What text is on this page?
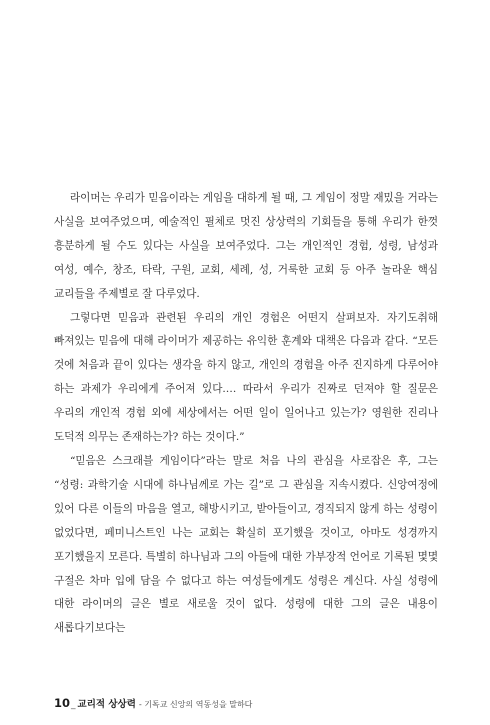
라이머는 우리가 믿음이라는 게임을 대하게 될 때, 그 게임이 정말 재밌을 거라는 사실을 보여주었으며, 예술적인 필체로 멋진 상상력의 기회들을 통해 우리가 한껏 흥분하게 될 수도 있다는 사실을 보여주었다. 그는 개인적인 경험, 성령, 남성과 여성, 예수, 창조, 타락, 구원, 교회, 세례, 성, 거룩한 교회 등 아주 놀라운 핵심 교리들을 주제별로 잘 다루었다.

그렇다면 믿음과 관련된 우리의 개인 경험은 어떤지 살펴보자. 자기도취해 빠져있는 믿음에 대해 라이머가 제공하는 유익한 훈계와 대책은 다음과 같다. “모든 것에 처음과 끝이 있다는 생각을 하지 않고, 개인의 경험을 아주 진지하게 다루어야 하는 과제가 우리에게 주어져 있다.… 따라서 우리가 진짜로 던져야 할 질문은 우리의 개인적 경험 외에 세상에서는 어떤 일이 일어나고 있는가? 영원한 진리나 도덕적 의무는 존재하는가? 하는 것이다.”

“믿음은 스크래블 게임이다”라는 말로 처음 나의 관심을 사로잡은 후, 그는 “성령: 과학기술 시대에 하나님께로 가는 길”로 그 관심을 지속시켰다. 신앙여정에 있어 다른 이들의 마음을 열고, 해방시키고, 받아들이고, 경직되지 않게 하는 성령이 없었다면, 페미니스트인 나는 교회는 확실히 포기했을 것이고, 아마도 성경까지 포기했을지 모른다. 특별히 하나님과 그의 아들에 대한 가부장적 언어로 기록된 몇몇 구절은 차마 입에 담을 수 없다고 하는 여성들에게도 성령은 계신다. 사실 성령에 대한 라이머의 글은 별로 새로울 것이 없다. 성령에 대한 그의 글은 내용이 새롭다기보다는

10 _ 교리적 상상력 - 기독교 신앙의 역동성을 말하다
